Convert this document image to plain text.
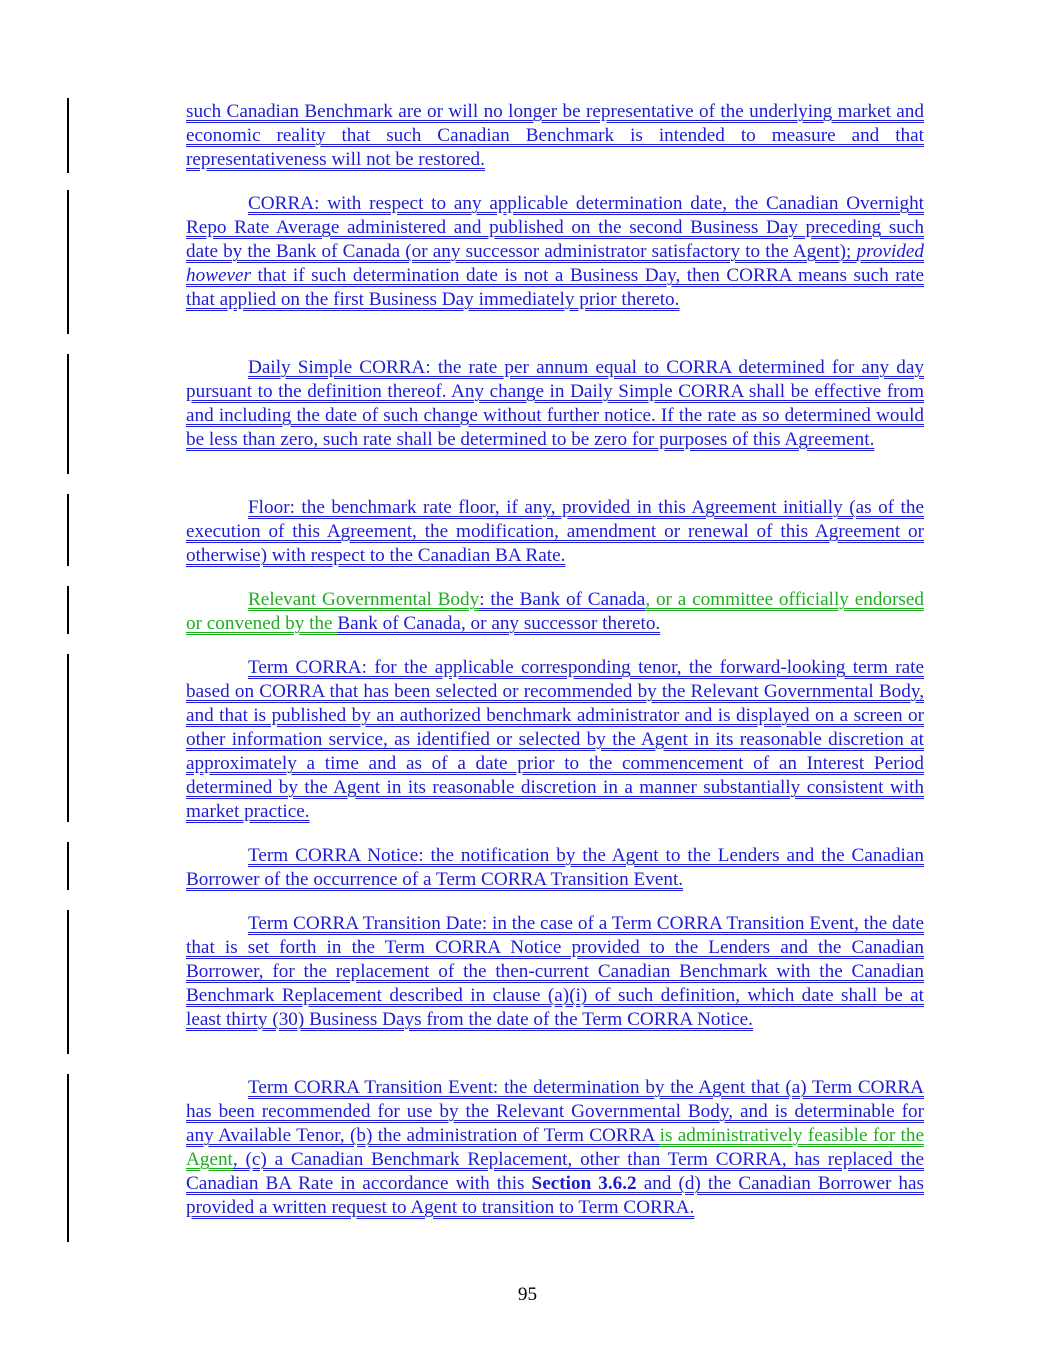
such Canadian Benchmark are or will no longer be representative of the underlying market and economic reality that such Canadian Benchmark is intended to measure and that representativeness will not be restored.

CORRA: with respect to any applicable determination date, the Canadian Overnight Repo Rate Average administered and published on the second Business Day preceding such date by the Bank of Canada (or any successor administrator satisfactory to the Agent); provided however that if such determination date is not a Business Day, then CORRA means such rate that applied on the first Business Day immediately prior thereto.

Daily Simple CORRA: the rate per annum equal to CORRA determined for any day pursuant to the definition thereof. Any change in Daily Simple CORRA shall be effective from and including the date of such change without further notice. If the rate as so determined would be less than zero, such rate shall be determined to be zero for purposes of this Agreement.

Floor: the benchmark rate floor, if any, provided in this Agreement initially (as of the execution of this Agreement, the modification, amendment or renewal of this Agreement or otherwise) with respect to the Canadian BA Rate.

Relevant Governmental Body: the Bank of Canada, or a committee officially endorsed or convened by the Bank of Canada, or any successor thereto.

Term CORRA: for the applicable corresponding tenor, the forward-looking term rate based on CORRA that has been selected or recommended by the Relevant Governmental Body, and that is published by an authorized benchmark administrator and is displayed on a screen or other information service, as identified or selected by the Agent in its reasonable discretion at approximately a time and as of a date prior to the commencement of an Interest Period determined by the Agent in its reasonable discretion in a manner substantially consistent with market practice.

Term CORRA Notice: the notification by the Agent to the Lenders and the Canadian Borrower of the occurrence of a Term CORRA Transition Event.

Term CORRA Transition Date: in the case of a Term CORRA Transition Event, the date that is set forth in the Term CORRA Notice provided to the Lenders and the Canadian Borrower, for the replacement of the then-current Canadian Benchmark with the Canadian Benchmark Replacement described in clause (a)(i) of such definition, which date shall be at least thirty (30) Business Days from the date of the Term CORRA Notice.

Term CORRA Transition Event: the determination by the Agent that (a) Term CORRA has been recommended for use by the Relevant Governmental Body, and is determinable for any Available Tenor, (b) the administration of Term CORRA is administratively feasible for the Agent, (c) a Canadian Benchmark Replacement, other than Term CORRA, has replaced the Canadian BA Rate in accordance with this Section 3.6.2 and (d) the Canadian Borrower has provided a written request to Agent to transition to Term CORRA.

95
